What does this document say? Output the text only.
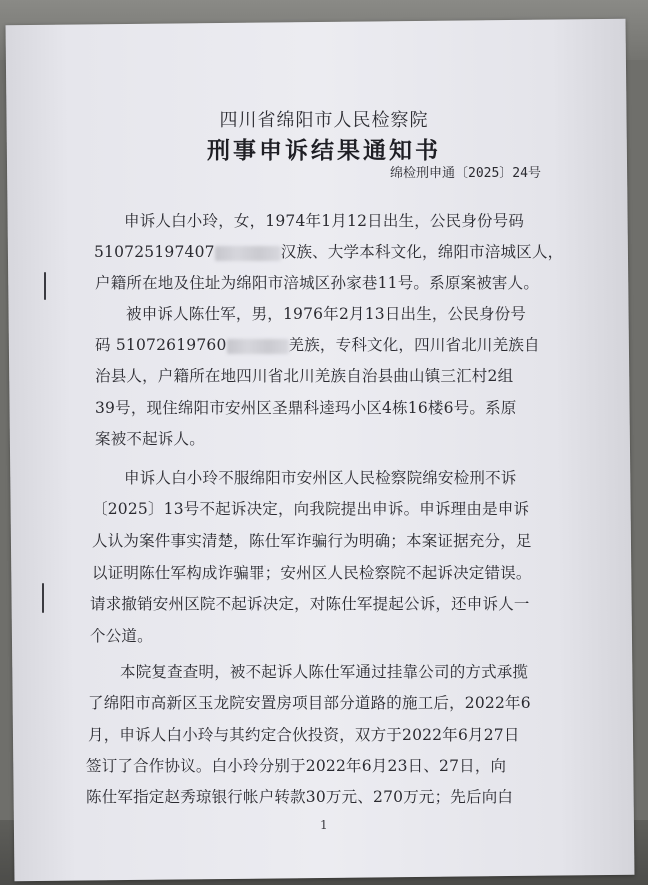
四川省绵阳市人民检察院
刑事申诉结果通知书
绵检刑申通〔2025〕24号
申诉人白小玲，女，1974年1月12日出生，公民身份号码
510725197407	汉族、大学本科文化，绵阳市涪城区人，
户籍所在地及住址为绵阳市涪城区孙家巷11号。系原案被害人。
被申诉人陈仕军，男，1976年2月13日出生，公民身份号
码 51072619760	羌族，专科文化，四川省北川羌族自
治县人，户籍所在地四川省北川羌族自治县曲山镇三汇村2组
39号，现住绵阳市安州区圣鼎科逵玛小区4栋16楼6号。系原
案被不起诉人。
申诉人白小玲不服绵阳市安州区人民检察院绵安检刑不诉
〔2025〕13号不起诉决定，向我院提出申诉。申诉理由是申诉
人认为案件事实清楚，陈仕军诈骗行为明确；本案证据充分，足
以证明陈仕军构成诈骗罪；安州区人民检察院不起诉决定错误。
请求撤销安州区院不起诉决定，对陈仕军提起公诉，还申诉人一
个公道。
本院复查查明，被不起诉人陈仕军通过挂靠公司的方式承揽
了绵阳市高新区玉龙院安置房项目部分道路的施工后，2022年6
月，申诉人白小玲与其约定合伙投资，双方于2022年6月27日
签订了合作协议。白小玲分别于2022年6月23日、27日，向
陈仕军指定赵秀琼银行帐户转款30万元、270万元；先后向白
1
